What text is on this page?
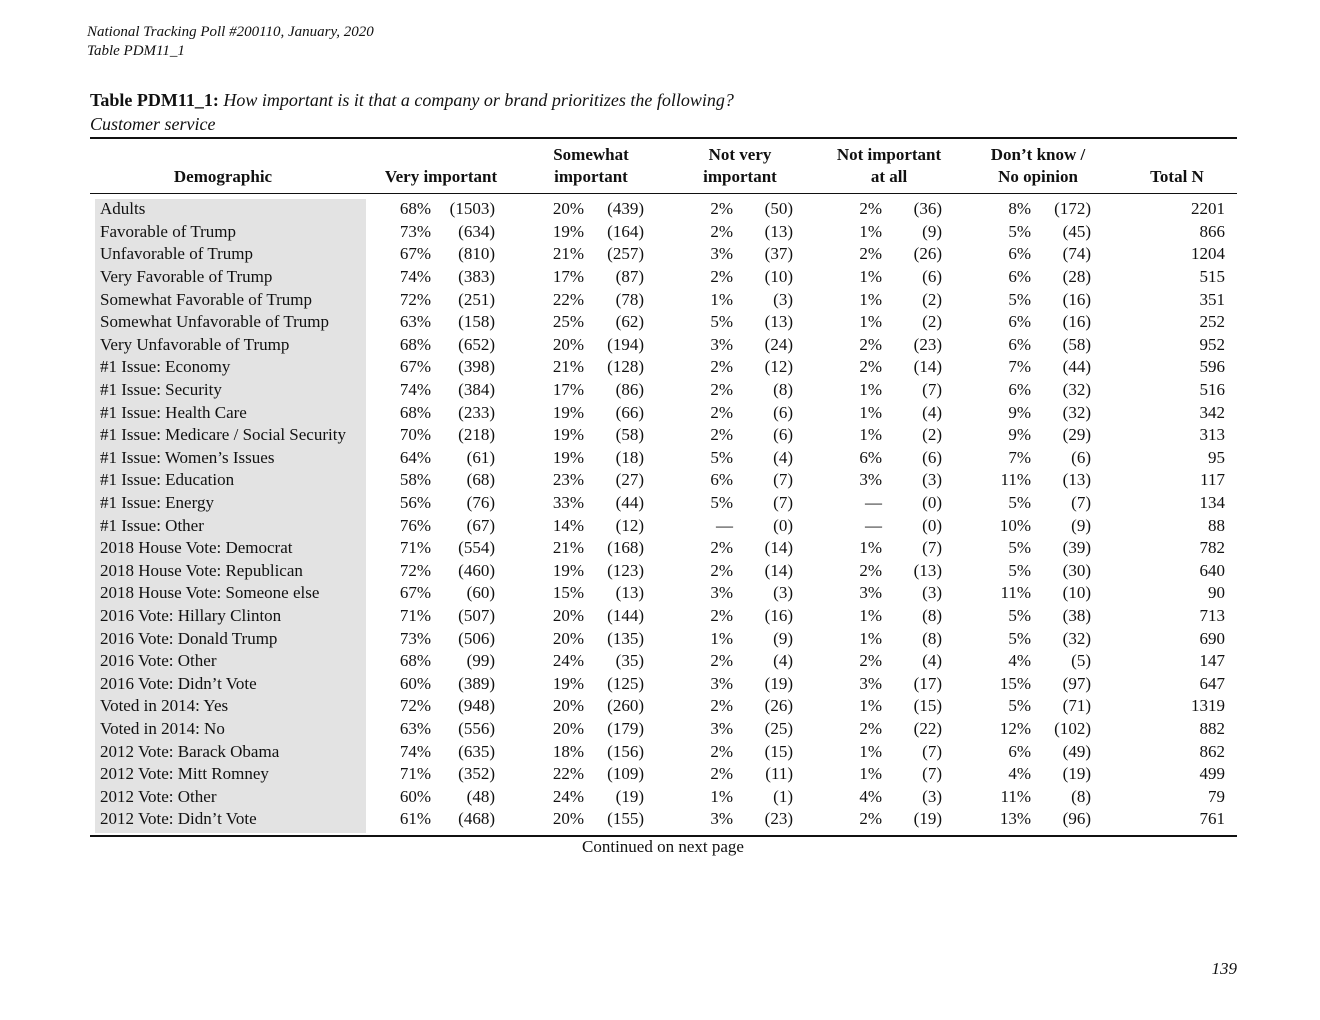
National Tracking Poll #200110, January, 2020
Table PDM11_1
Table PDM11_1: How important is it that a company or brand prioritizes the following?
Customer service
Demographic	Very important
Somewhat
important
Not very
important
Not important
at all
Don’t know /
No opinion	Total N
Adults	68%	(1503)	20%	(439)	2%	(50)	2%	(36)	8%	(172)	2201
Favorable of Trump	73%	(634)	19%	(164)	2%	(13)	1%	(9)	5%	(45)	866
Unfavorable of Trump	67%	(810)	21%	(257)	3%	(37)	2%	(26)	6%	(74)	1204
Very Favorable of Trump	74%	(383)	17%	(87)	2%	(10)	1%	(6)	6%	(28)	515
Somewhat Favorable of Trump	72%	(251)	22%	(78)	1%	(3)	1%	(2)	5%	(16)	351
Somewhat Unfavorable of Trump	63%	(158)	25%	(62)	5%	(13)	1%	(2)	6%	(16)	252
Very Unfavorable of Trump	68%	(652)	20%	(194)	3%	(24)	2%	(23)	6%	(58)	952
#1 Issue: Economy	67%	(398)	21%	(128)	2%	(12)	2%	(14)	7%	(44)	596
#1 Issue: Security	74%	(384)	17%	(86)	2%	(8)	1%	(7)	6%	(32)	516
#1 Issue: Health Care	68%	(233)	19%	(66)	2%	(6)	1%	(4)	9%	(32)	342
#1 Issue: Medicare / Social Security	70%	(218)	19%	(58)	2%	(6)	1%	(2)	9%	(29)	313
#1 Issue: Women’s Issues	64%	(61)	19%	(18)	5%	(4)	6%	(6)	7%	(6)	95
#1 Issue: Education	58%	(68)	23%	(27)	6%	(7)	3%	(3)	11%	(13)	117
#1 Issue: Energy	56%	(76)	33%	(44)	5%	(7)	—	(0)	5%	(7)	134
#1 Issue: Other	76%	(67)	14%	(12)	—	(0)	—	(0)	10%	(9)	88
2018 House Vote: Democrat	71%	(554)	21%	(168)	2%	(14)	1%	(7)	5%	(39)	782
2018 House Vote: Republican	72%	(460)	19%	(123)	2%	(14)	2%	(13)	5%	(30)	640
2018 House Vote: Someone else	67%	(60)	15%	(13)	3%	(3)	3%	(3)	11%	(10)	90
2016 Vote: Hillary Clinton	71%	(507)	20%	(144)	2%	(16)	1%	(8)	5%	(38)	713
2016 Vote: Donald Trump	73%	(506)	20%	(135)	1%	(9)	1%	(8)	5%	(32)	690
2016 Vote: Other	68%	(99)	24%	(35)	2%	(4)	2%	(4)	4%	(5)	147
2016 Vote: Didn’t Vote	60%	(389)	19%	(125)	3%	(19)	3%	(17)	15%	(97)	647
Voted in 2014: Yes	72%	(948)	20%	(260)	2%	(26)	1%	(15)	5%	(71)	1319
Voted in 2014: No	63%	(556)	20%	(179)	3%	(25)	2%	(22)	12%	(102)	882
2012 Vote: Barack Obama	74%	(635)	18%	(156)	2%	(15)	1%	(7)	6%	(49)	862
2012 Vote: Mitt Romney	71%	(352)	22%	(109)	2%	(11)	1%	(7)	4%	(19)	499
2012 Vote: Other	60%	(48)	24%	(19)	1%	(1)	4%	(3)	11%	(8)	79
2012 Vote: Didn’t Vote	61%	(468)	20%	(155)	3%	(23)	2%	(19)	13%	(96)	761
Continued on next page
139
